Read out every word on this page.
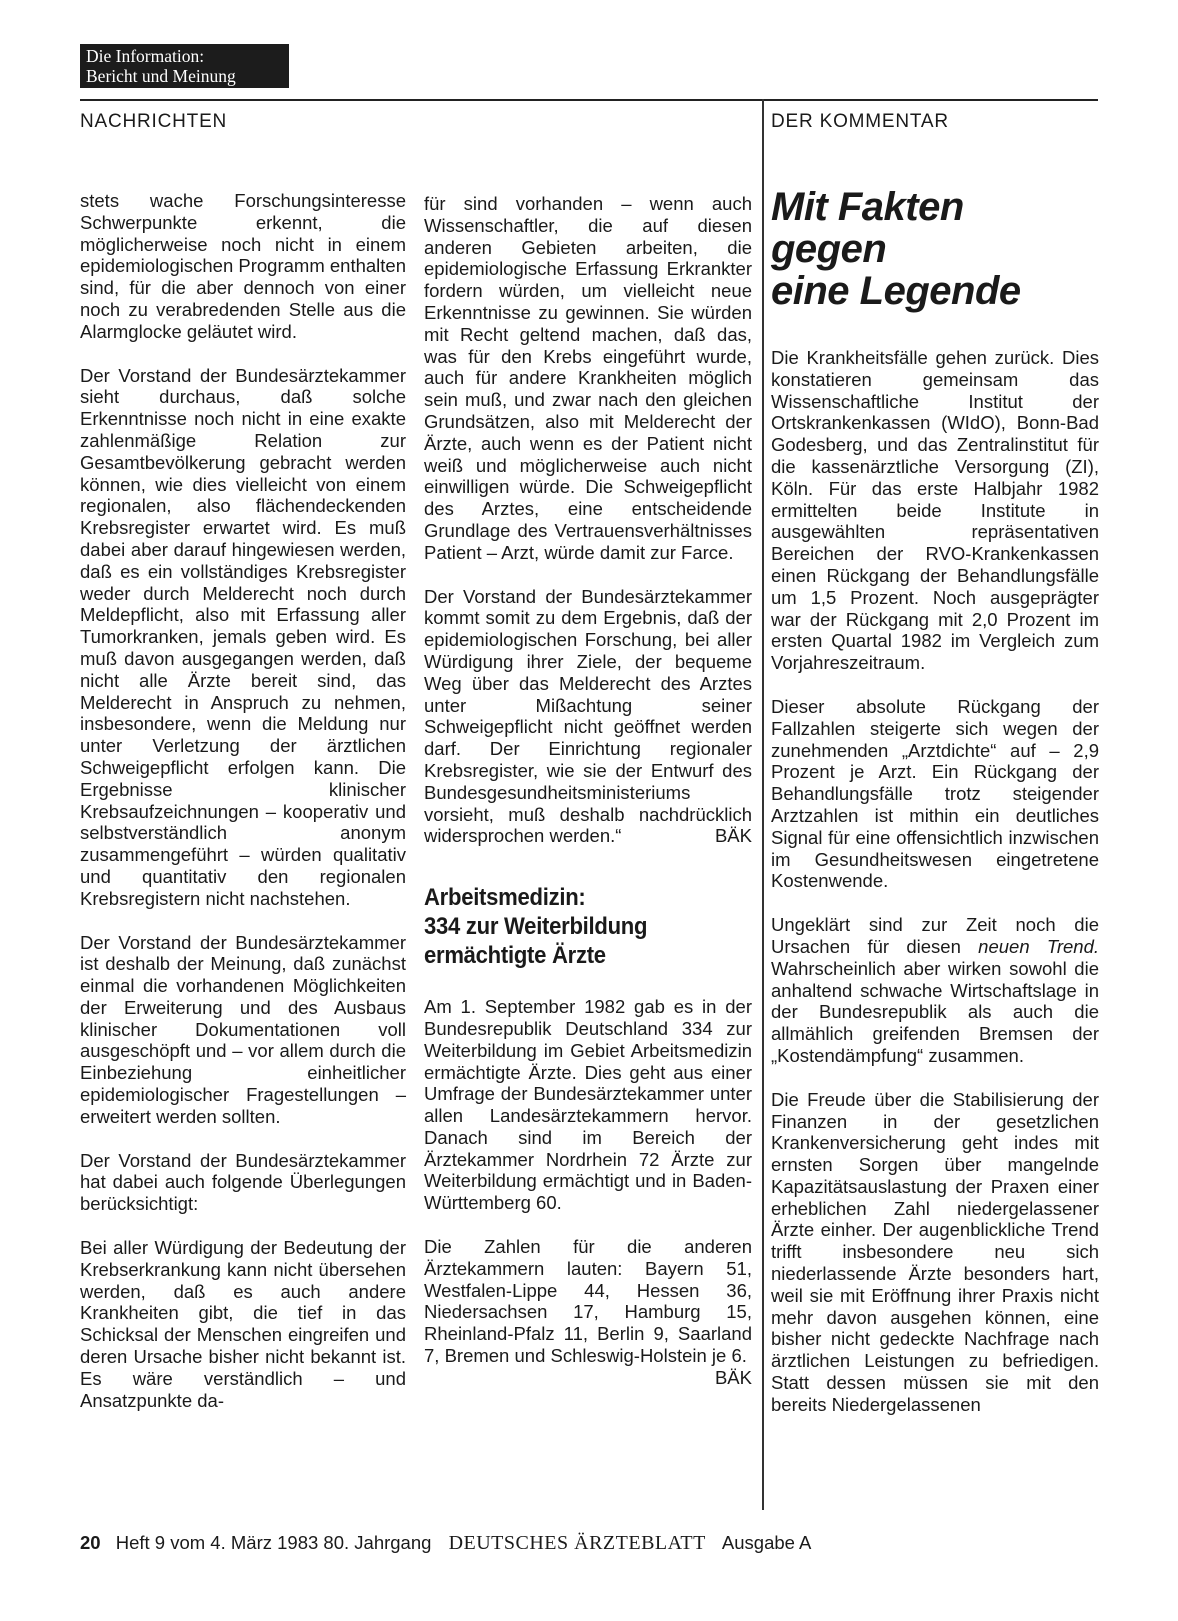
Die Information:
Bericht und Meinung
NACHRICHTEN	DER KOMMENTAR

stets wache Forschungsinteresse Schwerpunkte erkennt, die möglicherweise noch nicht in einem epidemiologischen Programm enthalten sind, für die aber dennoch von einer noch zu verabredenden Stelle aus die Alarmglocke geläutet wird.

Der Vorstand der Bundesärztekammer sieht durchaus, daß solche Erkenntnisse noch nicht in eine exakte zahlenmäßige Relation zur Gesamtbevölkerung gebracht werden können, wie dies vielleicht von einem regionalen, also flächendeckenden Krebsregister erwartet wird. Es muß dabei aber darauf hingewiesen werden, daß es ein vollständiges Krebsregister weder durch Melderecht noch durch Meldepflicht, also mit Erfassung aller Tumorkranken, jemals geben wird. Es muß davon ausgegangen werden, daß nicht alle Ärzte bereit sind, das Melderecht in Anspruch zu nehmen, insbesondere, wenn die Meldung nur unter Verletzung der ärztlichen Schweigepflicht erfolgen kann. Die Ergebnisse klinischer Krebsaufzeichnungen – kooperativ und selbstverständlich anonym zusammengeführt – würden qualitativ und quantitativ den regionalen Krebsregistern nicht nachstehen.

Der Vorstand der Bundesärztekammer ist deshalb der Meinung, daß zunächst einmal die vorhandenen Möglichkeiten der Erweiterung und des Ausbaus klinischer Dokumentationen voll ausgeschöpft und – vor allem durch die Einbeziehung einheitlicher epidemiologischer Fragestellungen – erweitert werden sollten.

Der Vorstand der Bundesärztekammer hat dabei auch folgende Überlegungen berücksichtigt:

Bei aller Würdigung der Bedeutung der Krebserkrankung kann nicht übersehen werden, daß es auch andere Krankheiten gibt, die tief in das Schicksal der Menschen eingreifen und deren Ursache bisher nicht bekannt ist. Es wäre verständlich – und Ansatzpunkte da-

für sind vorhanden – wenn auch Wissenschaftler, die auf diesen anderen Gebieten arbeiten, die epidemiologische Erfassung Erkrankter fordern würden, um vielleicht neue Erkenntnisse zu gewinnen. Sie würden mit Recht geltend machen, daß das, was für den Krebs eingeführt wurde, auch für andere Krankheiten möglich sein muß, und zwar nach den gleichen Grundsätzen, also mit Melderecht der Ärzte, auch wenn es der Patient nicht weiß und möglicherweise auch nicht einwilligen würde. Die Schweigepflicht des Arztes, eine entscheidende Grundlage des Vertrauensverhältnisses Patient – Arzt, würde damit zur Farce.

Der Vorstand der Bundesärztekammer kommt somit zu dem Ergebnis, daß der epidemiologischen Forschung, bei aller Würdigung ihrer Ziele, der bequeme Weg über das Melderecht des Arztes unter Mißachtung seiner Schweigepflicht nicht geöffnet werden darf. Der Einrichtung regionaler Krebsregister, wie sie der Entwurf des Bundesgesundheitsministeriums vorsieht, muß deshalb nachdrücklich widersprochen werden.“	BÄK

Arbeitsmedizin:
334 zur Weiterbildung
ermächtigte Ärzte

Am 1. September 1982 gab es in der Bundesrepublik Deutschland 334 zur Weiterbildung im Gebiet Arbeitsmedizin ermächtigte Ärzte. Dies geht aus einer Umfrage der Bundesärztekammer unter allen Landesärztekammern hervor. Danach sind im Bereich der Ärztekammer Nordrhein 72 Ärzte zur Weiterbildung ermächtigt und in Baden-Württemberg 60.

Die Zahlen für die anderen Ärztekammern lauten: Bayern 51, Westfalen-Lippe 44, Hessen 36, Niedersachsen 17, Hamburg 15, Rheinland-Pfalz 11, Berlin 9, Saarland 7, Bremen und Schleswig-Holstein je 6.
BÄK

Mit Fakten
gegen
eine Legende

Die Krankheitsfälle gehen zurück. Dies konstatieren gemeinsam das Wissenschaftliche Institut der Ortskrankenkassen (WIdO), Bonn-Bad Godesberg, und das Zentralinstitut für die kassenärztliche Versorgung (ZI), Köln. Für das erste Halbjahr 1982 ermittelten beide Institute in ausgewählten repräsentativen Bereichen der RVO-Krankenkassen einen Rückgang der Behandlungsfälle um 1,5 Prozent. Noch ausgeprägter war der Rückgang mit 2,0 Prozent im ersten Quartal 1982 im Vergleich zum Vorjahreszeitraum.

Dieser absolute Rückgang der Fallzahlen steigerte sich wegen der zunehmenden „Arztdichte“ auf – 2,9 Prozent je Arzt. Ein Rückgang der Behandlungsfälle trotz steigender Arztzahlen ist mithin ein deutliches Signal für eine offensichtlich inzwischen im Gesundheitswesen eingetretene Kostenwende.

Ungeklärt sind zur Zeit noch die Ursachen für diesen neuen Trend. Wahrscheinlich aber wirken sowohl die anhaltend schwache Wirtschaftslage in der Bundesrepublik als auch die allmählich greifenden Bremsen der „Kostendämpfung“ zusammen.

Die Freude über die Stabilisierung der Finanzen in der gesetzlichen Krankenversicherung geht indes mit ernsten Sorgen über mangelnde Kapazitätsauslastung der Praxen einer erheblichen Zahl niedergelassener Ärzte einher. Der augenblickliche Trend trifft insbesondere neu sich niederlassende Ärzte besonders hart, weil sie mit Eröffnung ihrer Praxis nicht mehr davon ausgehen können, eine bisher nicht gedeckte Nachfrage nach ärztlichen Leistungen zu befriedigen. Statt dessen müssen sie mit den bereits Niedergelassenen

20 Heft 9 vom 4. März 1983 80. Jahrgang DEUTSCHES ÄRZTEBLATT Ausgabe A
